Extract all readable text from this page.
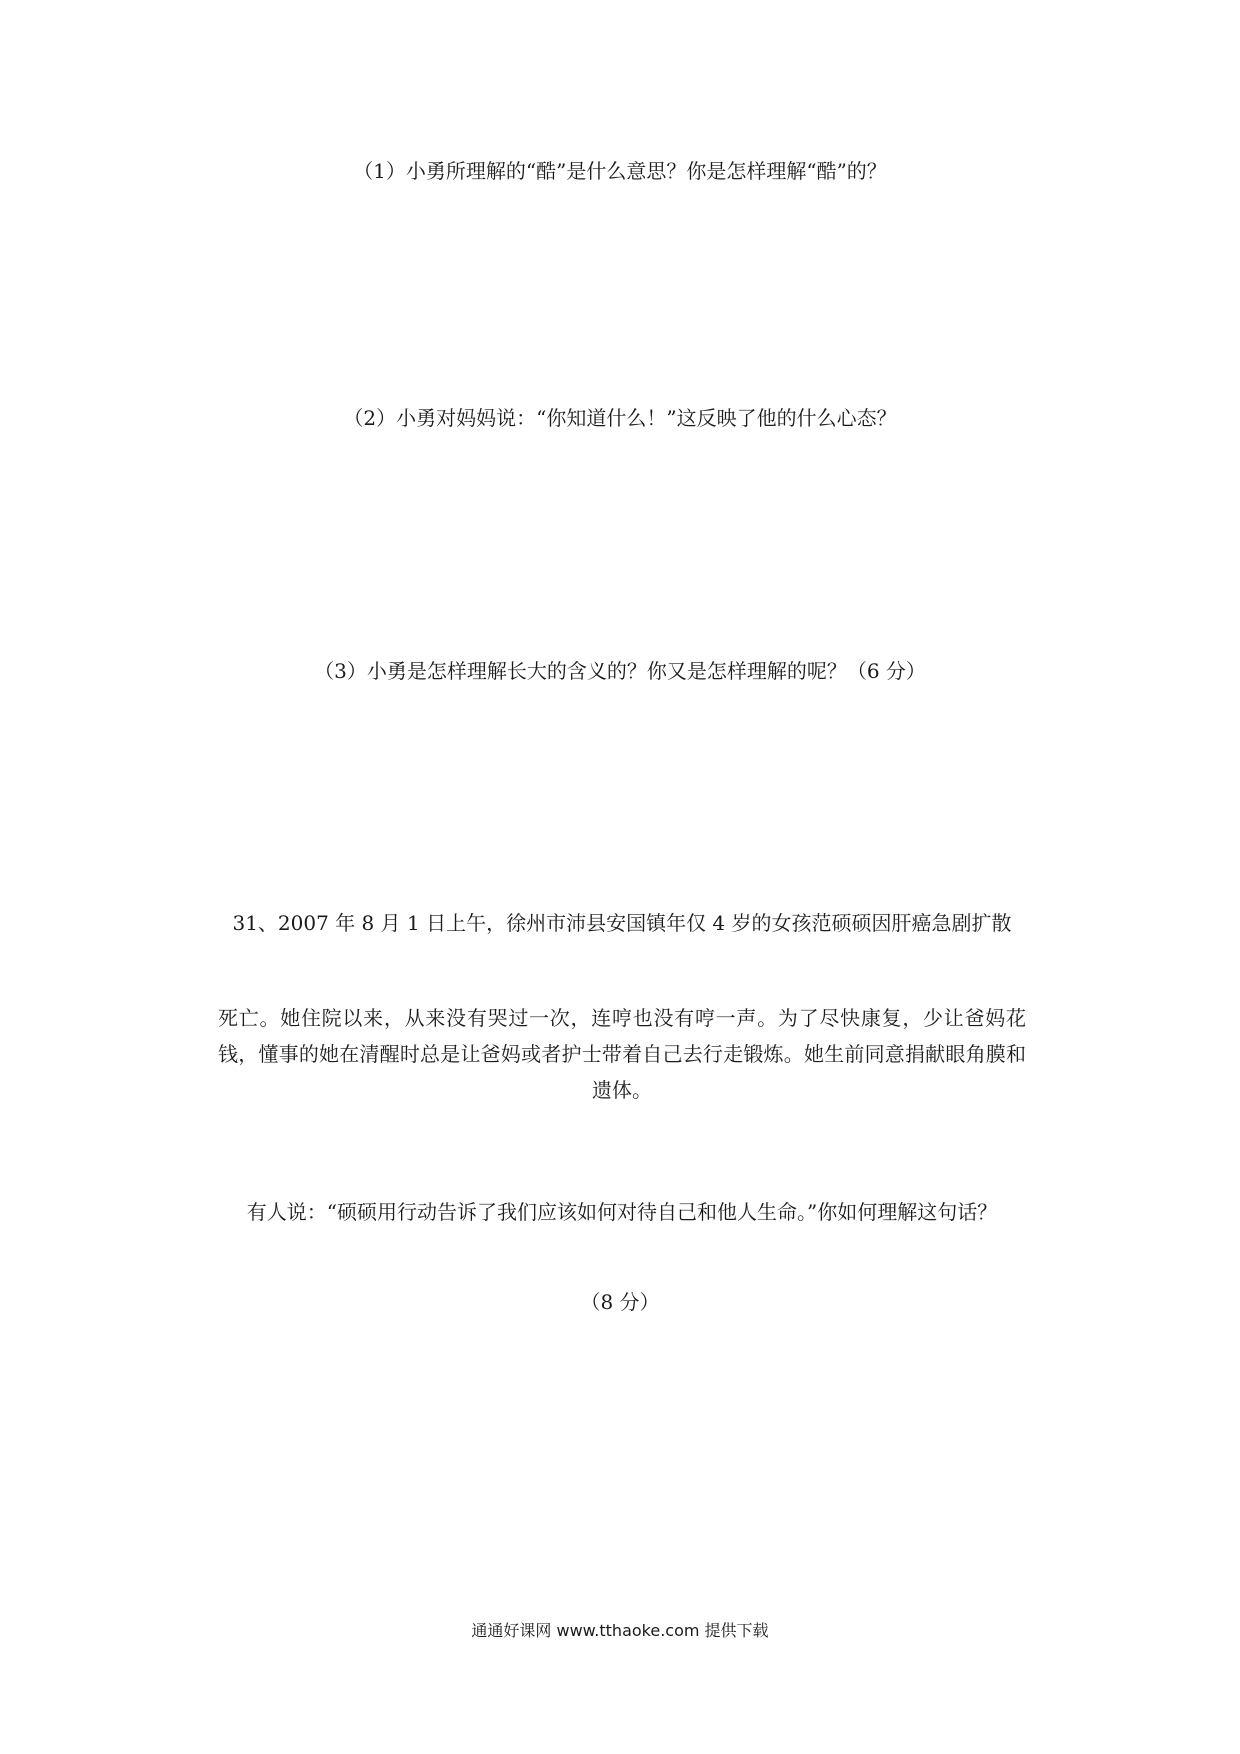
（1）小勇所理解的“酷”是什么意思？你是怎样理解“酷”的？
（2）小勇对妈妈说：“你知道什么！”这反映了他的什么心态？
（3）小勇是怎样理解长大的含义的？你又是怎样理解的呢？（6 分）
31、2007 年 8 月 1 日上午，徐州市沛县安国镇年仅 4 岁的女孩范硕硕因肝癌急剧扩散
死亡。她住院以来，从来没有哭过一次，连哼也没有哼一声。为了尽快康复，少让爸妈花钱，懂事的她在清醒时总是让爸妈或者护士带着自己去行走锻炼。她生前同意捐献眼角膜和遗体。
有人说：“硕硕用行动告诉了我们应该如何对待自己和他人生命。”你如何理解这句话？
（8 分）
通通好课网 www.tthaoke.com 提供下载
